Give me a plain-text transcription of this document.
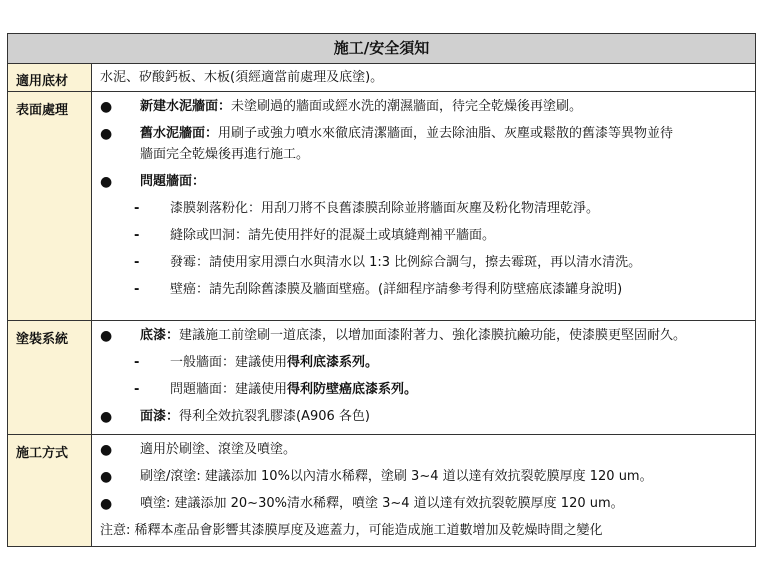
施工/安全須知
適用底材	水泥、矽酸鈣板、木板(須經適當前處理及底塗)。
表面處理	●	新建水泥牆面：未塗刷過的牆面或經水洗的潮濕牆面，待完全乾燥後再塗刷。
●	舊水泥牆面：用刷子或強力噴水來徹底清潔牆面，並去除油脂、灰塵或鬆散的舊漆等異物並待
牆面完全乾燥後再進行施工。
●	問題牆面：
-	漆膜剝落粉化：用刮刀將不良舊漆膜刮除並將牆面灰塵及粉化物清理乾淨。
-	縫除或凹洞：請先使用拌好的混凝土或填縫劑補平牆面。
-	發霉：請使用家用漂白水與清水以 1:3 比例綜合調勻，擦去霉斑，再以清水清洗。
-	壁癌：請先刮除舊漆膜及牆面壁癌。(詳細程序請參考得利防壁癌底漆罐身說明)
塗裝系統	●	底漆：建議施工前塗刷一道底漆，以增加面漆附著力、強化漆膜抗鹼功能，使漆膜更堅固耐久。
-	一般牆面：建議使用得利底漆系列。
-	問題牆面：建議使用得利防壁癌底漆系列。
●	面漆：得利全效抗裂乳膠漆(A906 各色)
施工方式	●	適用於刷塗、滾塗及噴塗。
●	刷塗/滾塗: 建議添加 10%以內清水稀釋，塗刷 3~4 道以達有效抗裂乾膜厚度 120 um。
●	噴塗: 建議添加 20~30%清水稀釋，噴塗 3~4 道以達有效抗裂乾膜厚度 120 um。
注意: 稀釋本產品會影響其漆膜厚度及遮蓋力，可能造成施工道數增加及乾燥時間之變化
